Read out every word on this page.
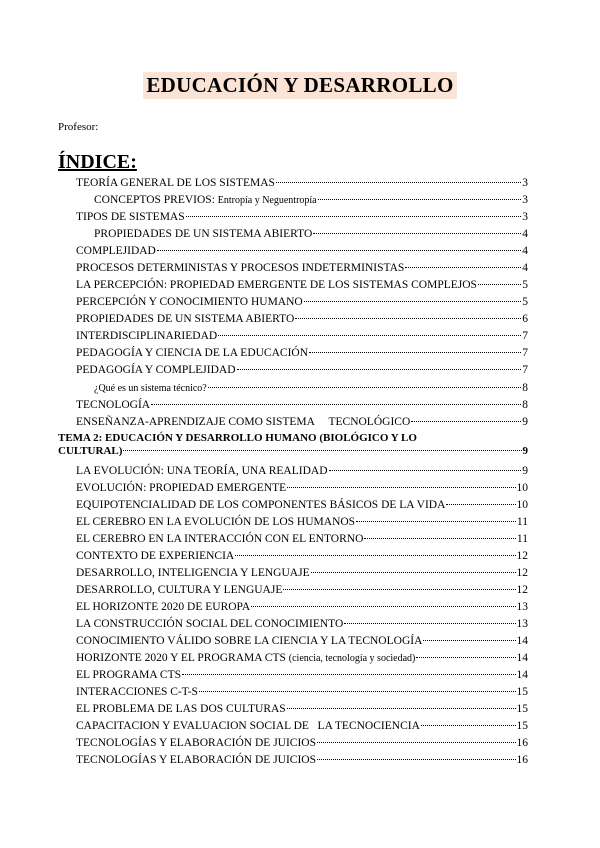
EDUCACIÓN Y DESARROLLO
Profesor:
ÍNDICE:
TEORÍA GENERAL DE LOS SISTEMAS	3
CONCEPTOS PREVIOS: Entropía y Neguentropía	3
TIPOS DE SISTEMAS	3
PROPIEDADES DE UN SISTEMA ABIERTO	4
COMPLEJIDAD	4
PROCESOS DETERMINISTAS Y PROCESOS INDETERMINISTAS	4
LA PERCEPCIÓN: PROPIEDAD EMERGENTE DE LOS SISTEMAS COMPLEJOS	5
PERCEPCIÓN Y CONOCIMIENTO HUMANO	5
PROPIEDADES DE UN SISTEMA ABIERTO	6
INTERDISCIPLINARIEDAD	7
PEDAGOGÍA Y CIENCIA DE LA EDUCACIÓN	7
PEDAGOGÍA Y COMPLEJIDAD	7
¿Qué es un sistema técnico?	8
TECNOLOGÍA	8
ENSEÑANZA-APRENDIZAJE COMO SISTEMA     TECNOLÓGICO	9
TEMA 2: EDUCACIÓN Y DESARROLLO HUMANO (BIOLÓGICO Y LO
CULTURAL)	9
LA EVOLUCIÓN: UNA TEORÍA, UNA REALIDAD	9
EVOLUCIÓN: PROPIEDAD EMERGENTE	10
EQUIPOTENCIALIDAD DE LOS COMPONENTES BÁSICOS DE LA VIDA	10
EL CEREBRO EN LA EVOLUCIÓN DE LOS HUMANOS	11
EL CEREBRO EN LA INTERACCIÓN CON EL ENTORNO	11
CONTEXTO DE EXPERIENCIA	12
DESARROLLO, INTELIGENCIA Y LENGUAJE	12
DESARROLLO, CULTURA Y LENGUAJE	12
EL HORIZONTE 2020 DE EUROPA	13
LA CONSTRUCCIÓN SOCIAL DEL CONOCIMIENTO	13
CONOCIMIENTO VÁLIDO SOBRE LA CIENCIA Y LA TECNOLOGÍA	14
HORIZONTE 2020 Y EL PROGRAMA CTS (ciencia, tecnología y sociedad)	14
EL PROGRAMA CTS	14
INTERACCIONES C-T-S	15
EL PROBLEMA DE LAS DOS CULTURAS	15
CAPACITACION Y EVALUACION SOCIAL DE   LA TECNOCIENCIA	15
TECNOLOGÍAS Y ELABORACIÓN DE JUICIOS	16
TECNOLOGÍAS Y ELABORACIÓN DE JUICIOS	16
